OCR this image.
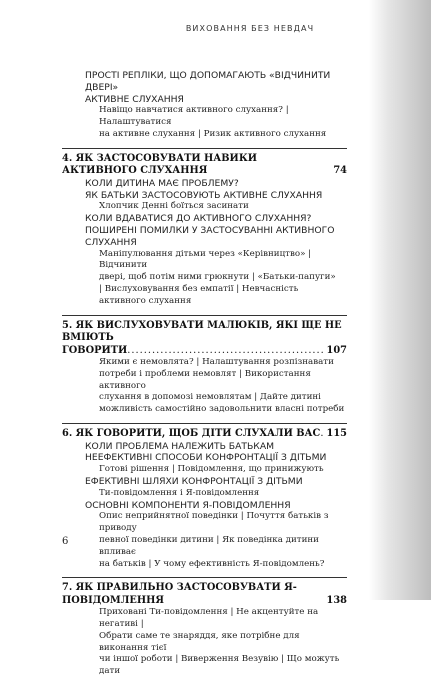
ВИХОВАННЯ БЕЗ НЕВДАЧ
ПРОСТІ РЕПЛІКИ, ЩО ДОПОМАГАЮТЬ «ВІДЧИНИТИ ДВЕРІ»
АКТИВНЕ СЛУХАННЯ
Навіщо навчатися активного слухання? | Налаштуватися
на активне слухання | Ризик активного слухання
4. ЯК ЗАСТОСОВУВАТИ НАВИКИ АКТИВНОГО СЛУХАННЯ	74
КОЛИ ДИТИНА МАЄ ПРОБЛЕМУ?
ЯК БАТЬКИ ЗАСТОСОВУЮТЬ АКТИВНЕ СЛУХАННЯ
Хлопчик Денні боїться засинати
КОЛИ ВДАВАТИСЯ ДО АКТИВНОГО СЛУХАННЯ?
ПОШИРЕНІ ПОМИЛКИ У ЗАСТОСУВАННІ АКТИВНОГО
СЛУХАННЯ
Маніпулювання дітьми через «Керівництво» | Відчинити
двері, щоб потім ними грюкнути | «Батьки-папуги»
| Вислуховування без емпатії | Невчасність активного слухання
5. ЯК ВИСЛУХОВУВАТИ МАЛЮКІВ, ЯКІ ЩЕ НЕ ВМІЮТЬ
ГОВОРИТИ .....	107
Якими є немовлята? | Налаштування розпізнавати
потреби і проблеми немовлят | Використання активного
слухання в допомозі немовлятам | Дайте дитині
можливість самостійно задовольнити власні потреби
6. ЯК ГОВОРИТИ, ЩОБ ДІТИ СЛУХАЛИ ВАС ..... 115
КОЛИ ПРОБЛЕМА НАЛЕЖИТЬ БАТЬКАМ
НЕЕФЕКТИВНІ СПОСОБИ КОНФРОНТАЦІЇ З ДІТЬМИ
Готові рішення | Повідомлення, що принижують
ЕФЕКТИВНІ ШЛЯХИ КОНФРОНТАЦІЇ З ДІТЬМИ
Ти-повідомлення і Я-повідомлення
ОСНОВНІ КОМПОНЕНТИ Я-ПОВІДОМЛЕННЯ
Опис неприйнятної поведінки | Почуття батьків з приводу
певної поведінки дитини | Як поведінка дитини впливає
на батьків | У чому ефективність Я-повідомлень?
7. ЯК ПРАВИЛЬНО ЗАСТОСОВУВАТИ Я-ПОВІДОМЛЕННЯ	138
Приховані Ти-повідомлення | Не акцентуйте на негативі |
Обрати саме те знаряддя, яке потрібне для виконання тієї
чи іншої роботи | Виверження Везувію | Що можуть дати
6
